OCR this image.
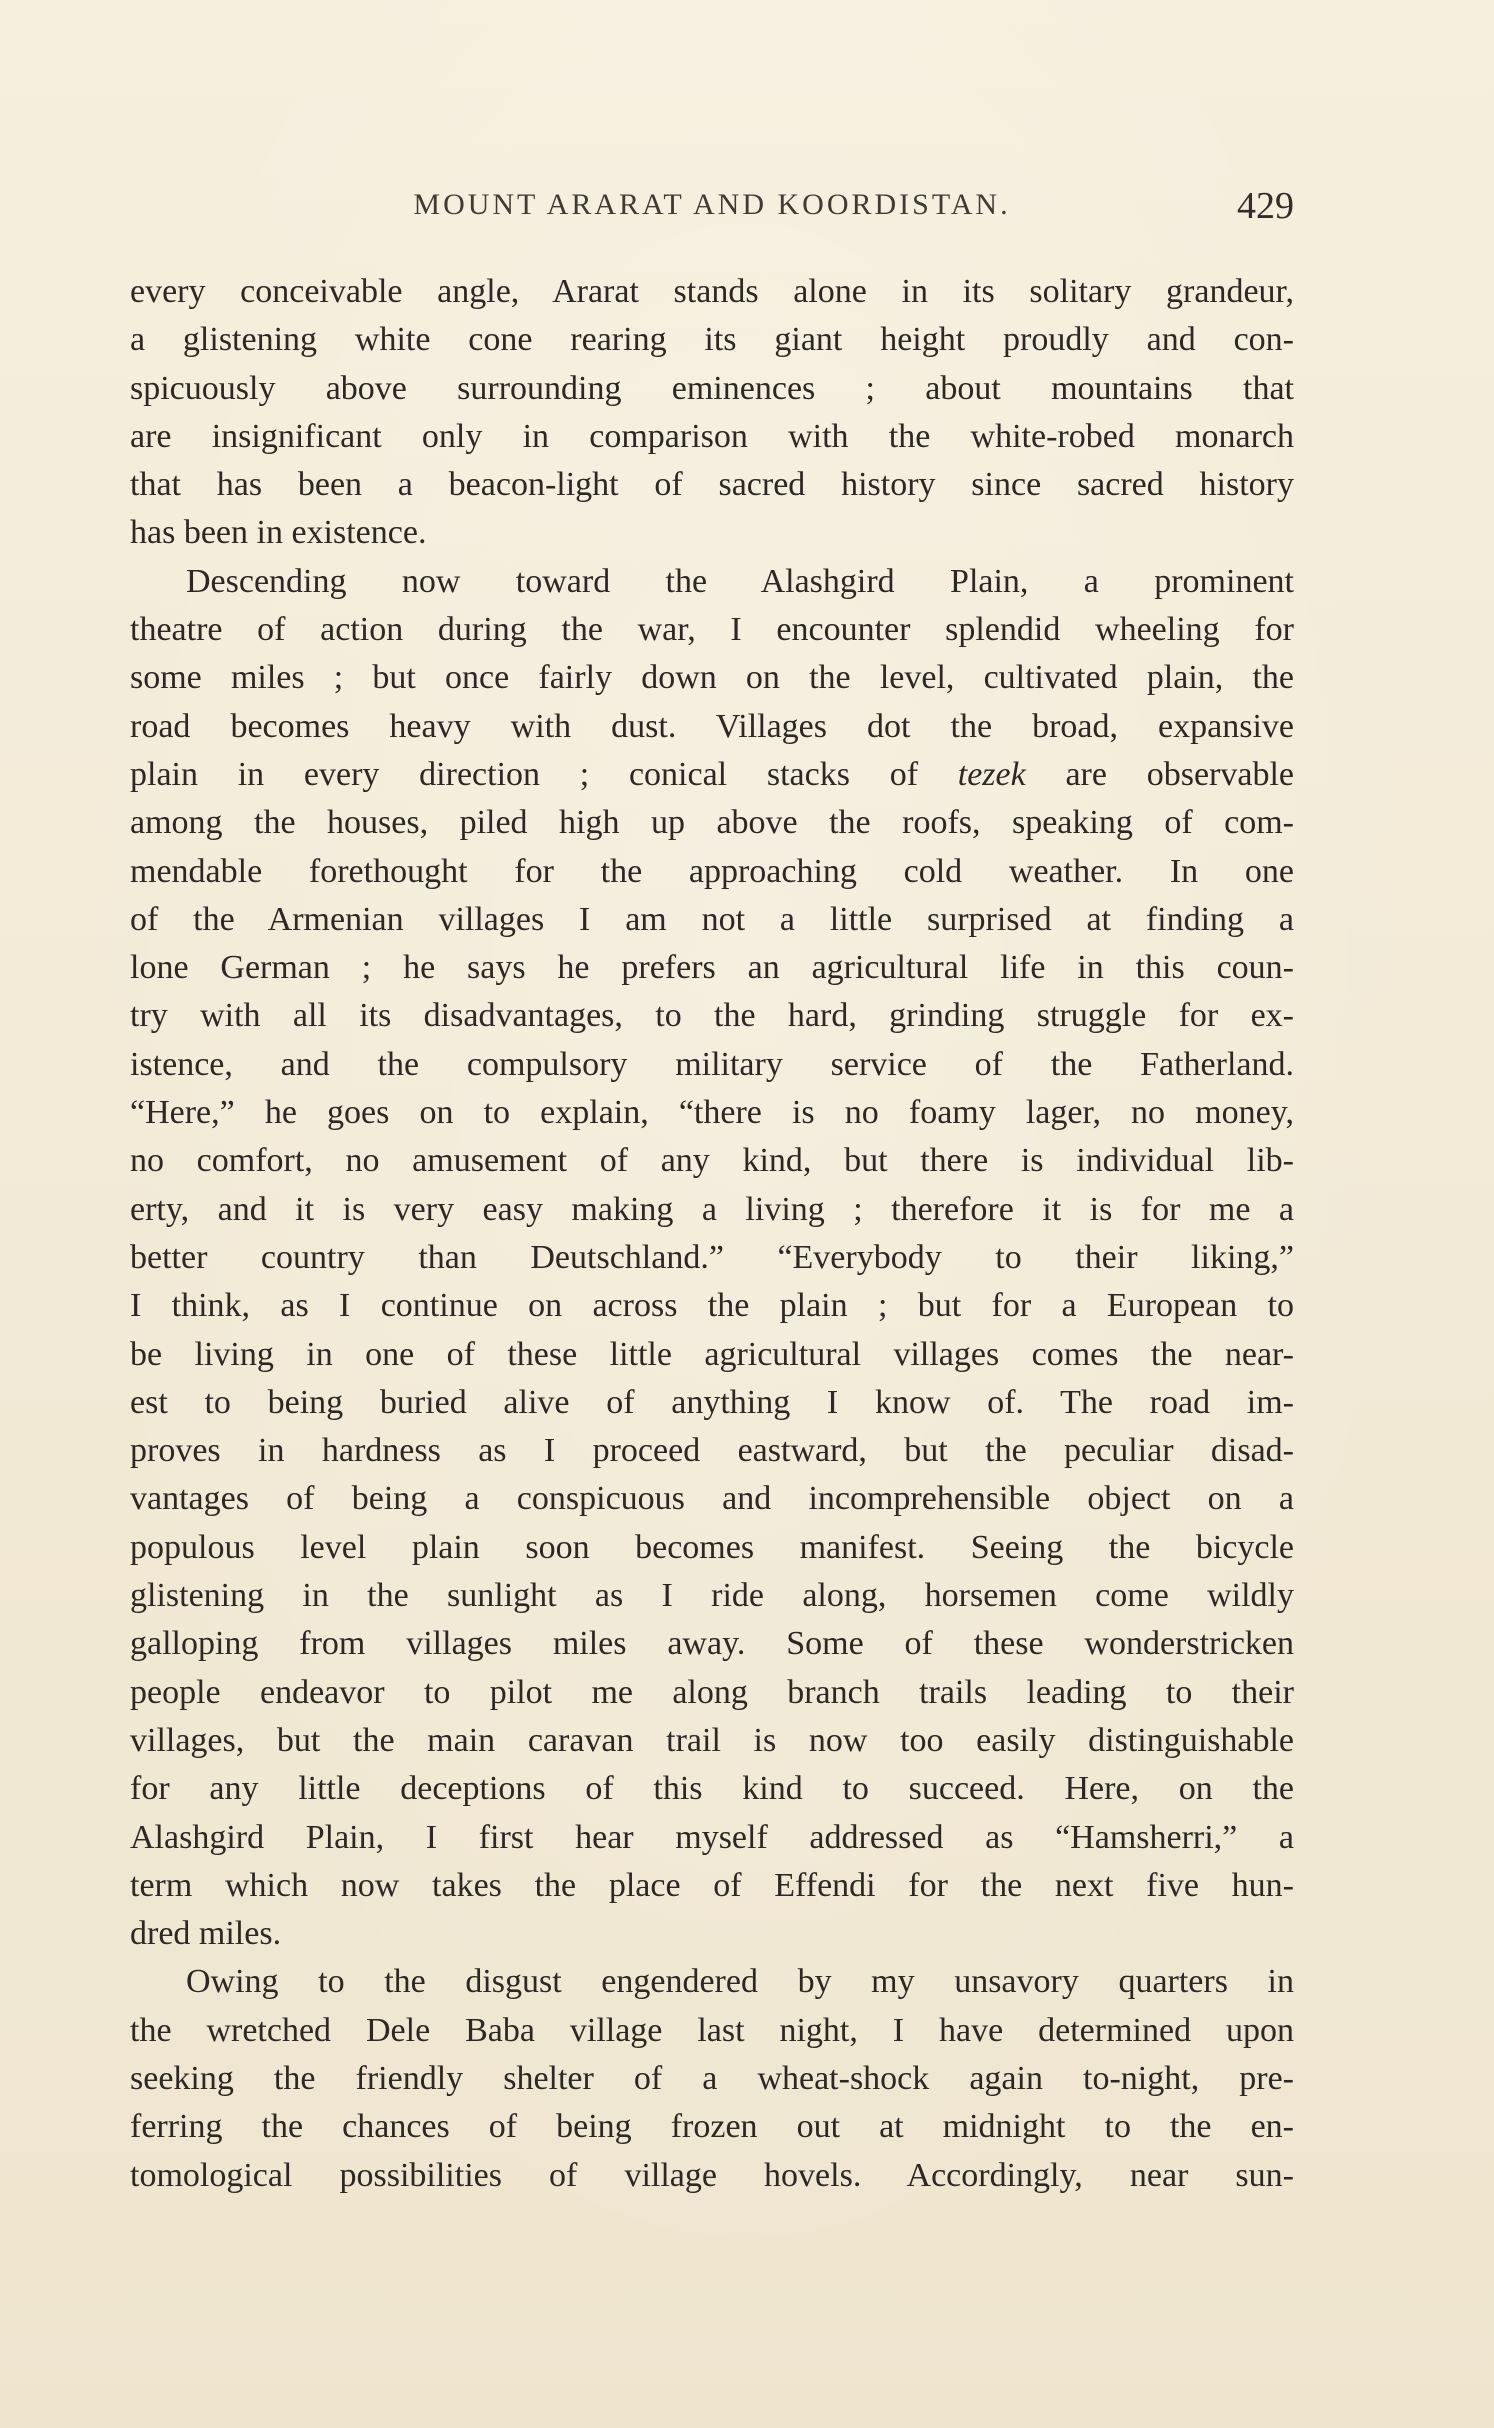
MOUNT ARARAT AND KOORDISTAN.	429

every conceivable angle, Ararat stands alone in its solitary grandeur,
a glistening white cone rearing its giant height proudly and con-
spicuously above surrounding eminences ; about mountains that
are insignificant only in comparison with the white-robed monarch
that has been a beacon-light of sacred history since sacred history
has been in existence.

Descending now toward the Alashgird Plain, a prominent
theatre of action during the war, I encounter splendid wheeling for
some miles ; but once fairly down on the level, cultivated plain, the
road becomes heavy with dust. Villages dot the broad, expansive
plain in every direction ; conical stacks of tezek are observable
among the houses, piled high up above the roofs, speaking of com-
mendable forethought for the approaching cold weather. In one
of the Armenian villages I am not a little surprised at finding a
lone German ; he says he prefers an agricultural life in this coun-
try with all its disadvantages, to the hard, grinding struggle for ex-
istence, and the compulsory military service of the Fatherland.
“Here,” he goes on to explain, “there is no foamy lager, no money,
no comfort, no amusement of any kind, but there is individual lib-
erty, and it is very easy making a living ; therefore it is for me a
better country than Deutschland.” “Everybody to their liking,”
I think, as I continue on across the plain ; but for a European to
be living in one of these little agricultural villages comes the near-
est to being buried alive of anything I know of. The road im-
proves in hardness as I proceed eastward, but the peculiar disad-
vantages of being a conspicuous and incomprehensible object on a
populous level plain soon becomes manifest. Seeing the bicycle
glistening in the sunlight as I ride along, horsemen come wildly
galloping from villages miles away. Some of these wonderstricken
people endeavor to pilot me along branch trails leading to their
villages, but the main caravan trail is now too easily distinguishable
for any little deceptions of this kind to succeed. Here, on the
Alashgird Plain, I first hear myself addressed as “Hamsherri,” a
term which now takes the place of Effendi for the next five hun-
dred miles.

Owing to the disgust engendered by my unsavory quarters in
the wretched Dele Baba village last night, I have determined upon
seeking the friendly shelter of a wheat-shock again to-night, pre-
ferring the chances of being frozen out at midnight to the en-
tomological possibilities of village hovels. Accordingly, near sun-
